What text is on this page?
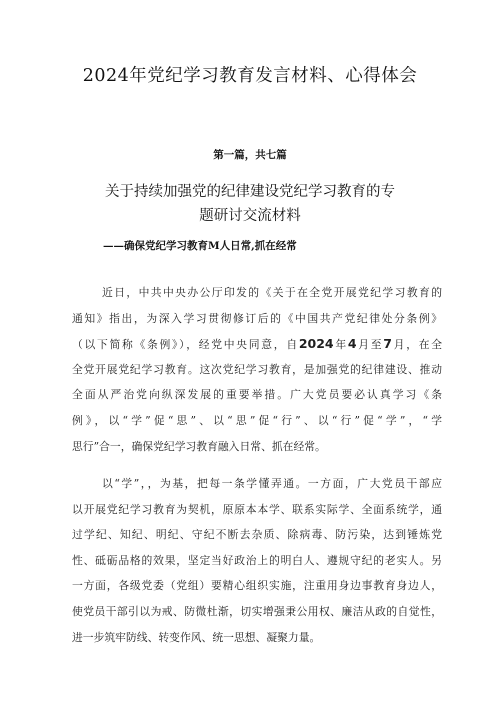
2024年党纪学习教育发言材料、心得体会
第一篇，共七篇
关于持续加强党的纪律建设党纪学习教育的专
题研讨交流材料
——确保党纪学习教育M人日常,抓在经常
近日，中共中央办公厅印发的《关于在全党开展党纪学习教育的
通知》指出，为深入学习贯彻修订后的《中国共产党纪律处分条例》
（以下简称《条例》），经党中央同意，自2024年4月至7月，在全
全党开展党纪学习教育。这次党纪学习教育，是加强党的纪律建设、推动
全面从严治党向纵深发展的重要举措。广大党员要必认真学习《条
例》，以“学”促“思”、以“思”促“行”、以“行”促“学”，“学
思行”合一，确保党纪学习教育融入日常、抓在经常。
以“学”，，为基，把每一条学懂弄通。一方面，广大党员干部应
以开展党纪学习教育为契机，原原本本学、联系实际学、全面系统学，通
过学纪、知纪、明纪、守纪不断去杂质、除病毒、防污染，达到锤炼党
性、砥砺品格的效果，坚定当好政治上的明白人、遵规守纪的老实人。另
一方面，各级党委（党组）要精心组织实施，注重用身边事教育身边人，
使党员干部引以为戒、防微杜渐，切实增强秉公用权、廉洁从政的自觉性，
进一步筑牢防线、转变作风、统一思想、凝聚力量。
